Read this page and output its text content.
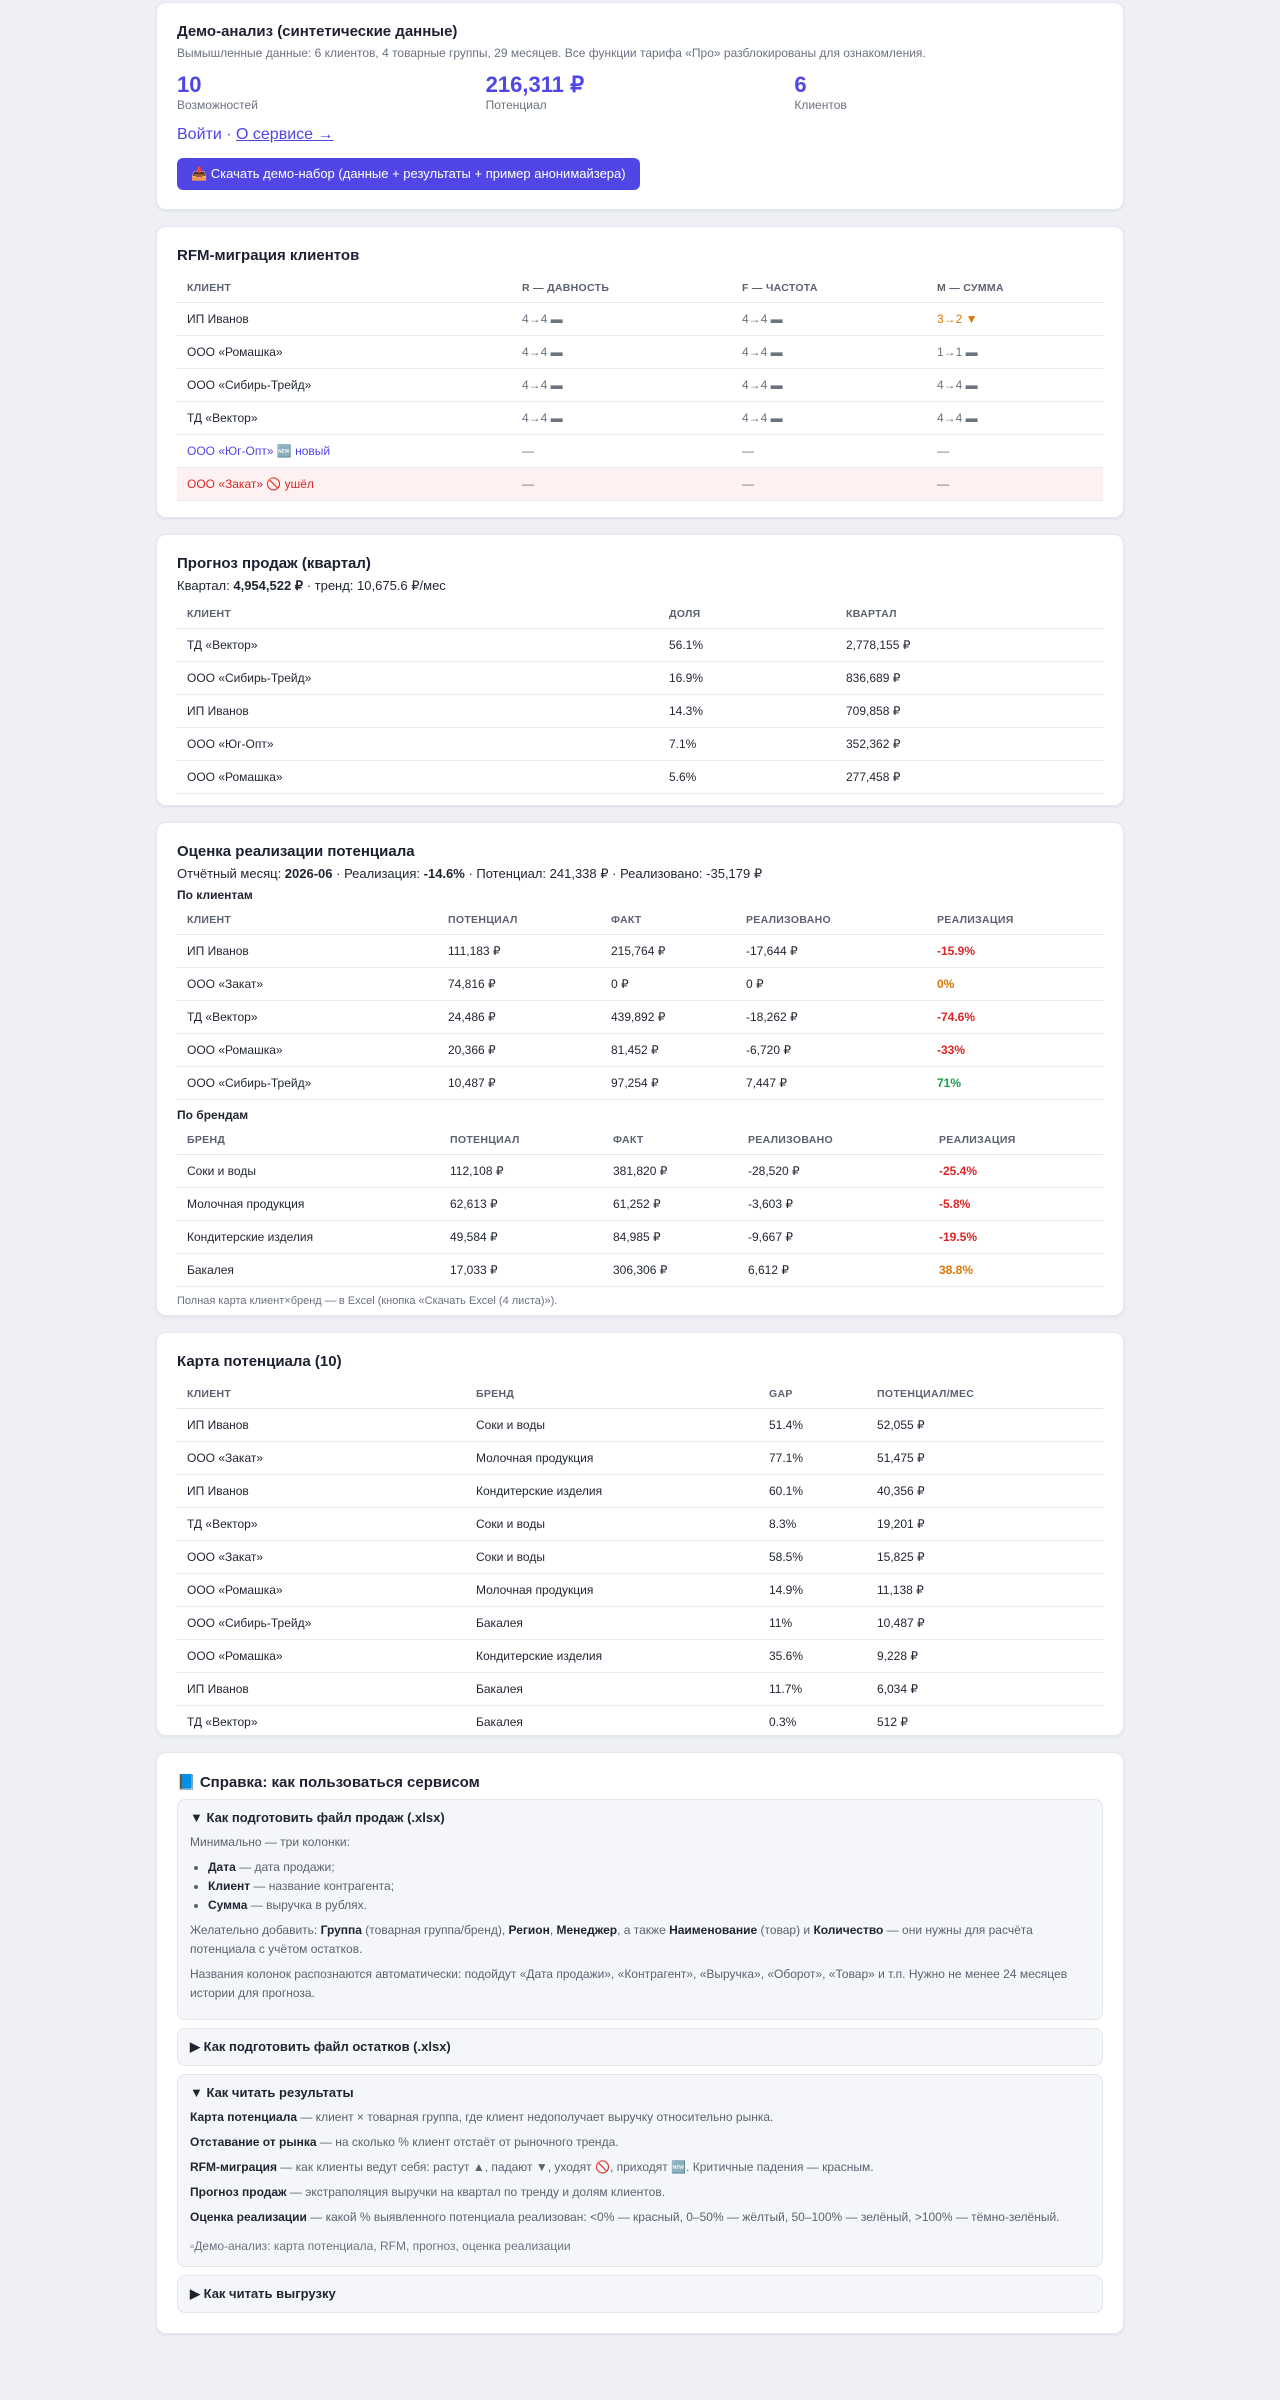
Демо-анализ (синтетические данные)
Вымышленные данные: 6 клиентов, 4 товарные группы, 29 месяцев. Все функции тарифа «Про» разблокированы для ознакомления.
10
Возможностей
216,311 ₽
Потенциал
6
Клиентов
Войти · О сервисе →
📥 Скачать демо-набор (данные + результаты + пример анонимайзера)
RFM-миграция клиентов
КЛИЕНТ	R — ДАВНОСТЬ	F — ЧАСТОТА	M — СУММА
ИП Иванов	4→4 ▬	4→4 ▬	3→2 ▼
ООО «Ромашка»	4→4 ▬	4→4 ▬	1→1 ▬
ООО «Сибирь-Трейд»	4→4 ▬	4→4 ▬	4→4 ▬
ТД «Вектор»	4→4 ▬	4→4 ▬	4→4 ▬
ООО «Юг-Опт» 🆕 новый	—	—	—
ООО «Закат» 🚫 ушёл	—	—	—
Прогноз продаж (квартал)
Квартал: 4,954,522 ₽ · тренд: 10,675.6 ₽/мес
КЛИЕНТ	ДОЛЯ	КВАРТАЛ
ТД «Вектор»	56.1%	2,778,155 ₽
ООО «Сибирь-Трейд»	16.9%	836,689 ₽
ИП Иванов	14.3%	709,858 ₽
ООО «Юг-Опт»	7.1%	352,362 ₽
ООО «Ромашка»	5.6%	277,458 ₽
Оценка реализации потенциала
Отчётный месяц: 2026-06 · Реализация: -14.6% · Потенциал: 241,338 ₽ · Реализовано: -35,179 ₽
По клиентам
КЛИЕНТ	ПОТЕНЦИАЛ	ФАКТ	РЕАЛИЗОВАНО	РЕАЛИЗАЦИЯ
ИП Иванов	111,183 ₽	215,764 ₽	-17,644 ₽	-15.9%
ООО «Закат»	74,816 ₽	0 ₽	0 ₽	0%
ТД «Вектор»	24,486 ₽	439,892 ₽	-18,262 ₽	-74.6%
ООО «Ромашка»	20,366 ₽	81,452 ₽	-6,720 ₽	-33%
ООО «Сибирь-Трейд»	10,487 ₽	97,254 ₽	7,447 ₽	71%
По брендам
БРЕНД	ПОТЕНЦИАЛ	ФАКТ	РЕАЛИЗОВАНО	РЕАЛИЗАЦИЯ
Соки и воды	112,108 ₽	381,820 ₽	-28,520 ₽	-25.4%
Молочная продукция	62,613 ₽	61,252 ₽	-3,603 ₽	-5.8%
Кондитерские изделия	49,584 ₽	84,985 ₽	-9,667 ₽	-19.5%
Бакалея	17,033 ₽	306,306 ₽	6,612 ₽	38.8%
Полная карта клиент×бренд — в Excel (кнопка «Скачать Excel (4 листа)»).
Карта потенциала (10)
КЛИЕНТ	БРЕНД	GAP	ПОТЕНЦИАЛ/МЕС
ИП Иванов	Соки и воды	51.4%	52,055 ₽
ООО «Закат»	Молочная продукция	77.1%	51,475 ₽
ИП Иванов	Кондитерские изделия	60.1%	40,356 ₽
ТД «Вектор»	Соки и воды	8.3%	19,201 ₽
ООО «Закат»	Соки и воды	58.5%	15,825 ₽
ООО «Ромашка»	Молочная продукция	14.9%	11,138 ₽
ООО «Сибирь-Трейд»	Бакалея	11%	10,487 ₽
ООО «Ромашка»	Кондитерские изделия	35.6%	9,228 ₽
ИП Иванов	Бакалея	11.7%	6,034 ₽
ТД «Вектор»	Бакалея	0.3%	512 ₽
📘 Справка: как пользоваться сервисом
▼ Как подготовить файл продаж (.xlsx)

Минимально — три колонки:

• Дата — дата продажи;
• Клиент — название контрагента;
• Сумма — выручка в рублях.

Желательно добавить: Группа (товарная группа/бренд), Регион, Менеджер, а также Наименование (товар) и Количество — они нужны для расчёта потенциала с учётом остатков.

Названия колонок распознаются автоматически: подойдут «Дата продажи», «Контрагент», «Выручка», «Оборот», «Товар» и т.п. Нужно не менее 24 месяцев истории для прогноза.

▶ Как подготовить файл остатков (.xlsx)
▼ Как читать результаты

Карта потенциала — клиент × товарная группа, где клиент недополучает выручку относительно рынка.

Отставание от рынка — на сколько % клиент отстаёт от рыночного тренда.

RFM-миграция — как клиенты ведут себя: растут ▲, падают ▼, уходят 🚫, приходят 🆕. Критичные падения — красным.

Прогноз продаж — экстраполяция выручки на квартал по тренду и долям клиентов.

Оценка реализации — какой % выявленного потенциала реализован: <0% — красный, 0–50% — жёлтый, 50–100% — зелёный, >100% — тёмно-зелёный.

▫Демо-анализ: карта потенциала, RFM, прогноз, оценка реализации
▶ Как читать выгрузку
